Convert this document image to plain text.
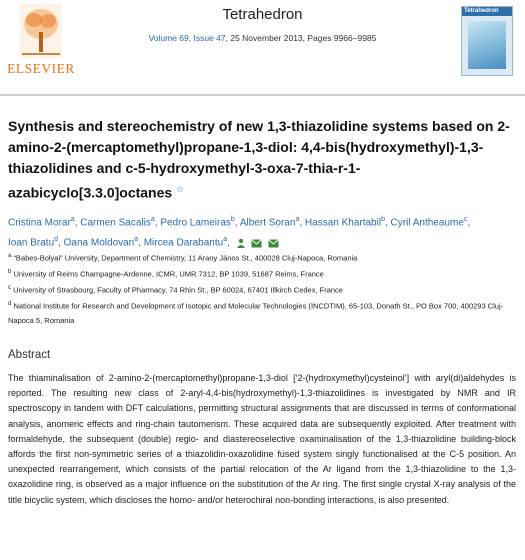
ELSEVIER
Tetrahedron
Volume 69, Issue 47, 25 November 2013, Pages 9966–9985
Tetrahedron
Synthesis and stereochemistry of new 1,3-thiazolidine systems based on 2-amino-2-(mercaptomethyl)propane-1,3-diol: 4,4-bis(hydroxymethyl)-1,3-thiazolidines and c-5-hydroxymethyl-3-oxa-7-thia-r-1-azabicyclo[3.3.0]octanes ☆
Cristina Morar$^a$, Carmen Sacalis$^a$, Pedro Lameiras$^b$, Albert Soran$^a$, Hassan Khartabil$^b$, Cyril Antheaume$^c$,
Ioan Bratu$^d$, Oana Moldovan$^a$, Mircea Darabantu$^a$,
$^a$ “Babes-Bolyai” University, Department of Chemistry, 11 Arany János St., 400028 Cluj-Napoca, Romania
$^b$ University of Reims Champagne-Ardenne, ICMR, UMR 7312, BP 1039, 51687 Reims, France
$^c$ University of Strasbourg, Faculty of Pharmacy, 74 Rhin St., BP 60024, 67401 Illkirch Cedex, France
$^d$ National Institute for Research and Development of Isotopic and Molecular Technologies (INCDTIM), 65-103, Donath St., PO Box 700, 400293 Cluj-Napoca 5, Romania
Abstract
The thiaminalisation of 2-amino-2-(mercaptomethyl)propane-1,3-diol [‘2-(hydroxymethyl)cysteinol’] with aryl(di)aldehydes is reported. The resulting new class of 2-aryl-4,4-bis(hydroxymethyl)-1,3-thiazolidines is investigated by NMR and IR spectroscopy in tandem with DFT calculations, permitting structural assignments that are discussed in terms of conformational analysis, anomeric effects and ring-chain tautomerism. These acquired data are subsequently exploited. After treatment with formaldehyde, the subsequent (double) regio- and diastereoselective oxaminalisation of the 1,3-thiazolidine building-block affords the first non-symmetric series of a thiazolidin-oxazolidine fused system singly functionalised at the C-5 position. An unexpected rearrangement, which consists of the partial relocation of the Ar ligand from the 1,3-thiazolidine to the 1,3-oxazolidine ring, is observed as a major influence on the substitution of the Ar ring. The first single crystal X-ray analysis of the title bicyclic system, which discloses the homo- and/or heterochiral non-bonding interactions, is also presented.
